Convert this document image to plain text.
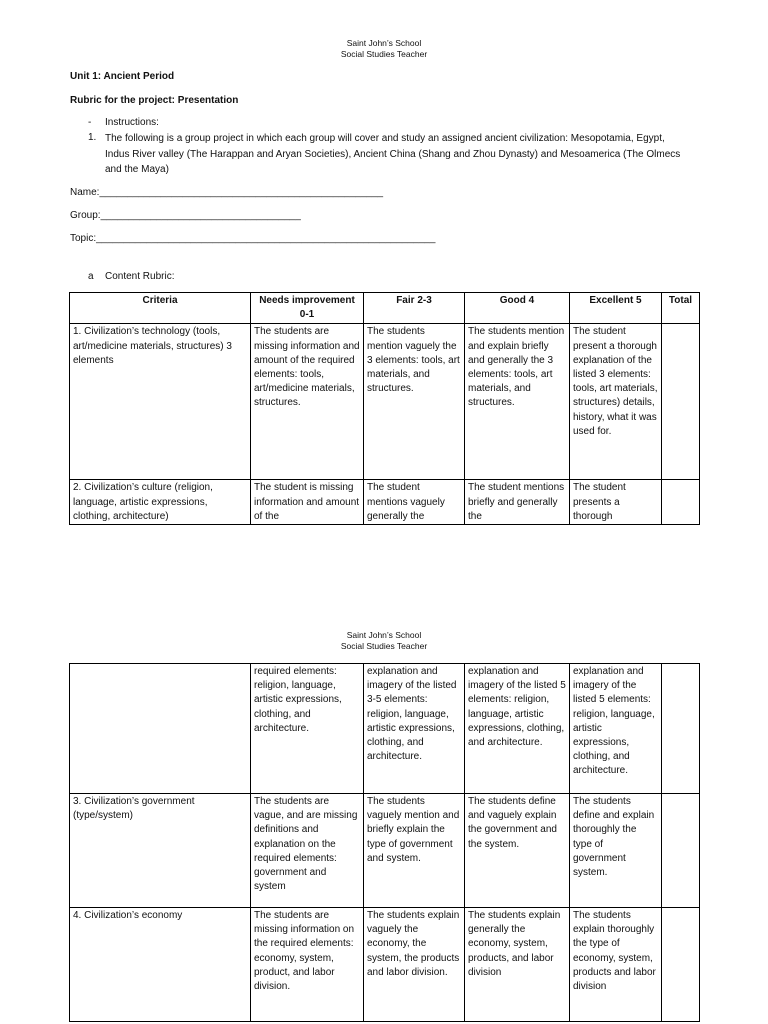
Saint John’s School
Social Studies Teacher
Unit 1: Ancient Period
Rubric for the project: Presentation
- Instructions:
1. The following is a group project in which each group will cover and study an assigned ancient civilization: Mesopotamia, Egypt, Indus River valley (The Harappan and Aryan Societies), Ancient China (Shang and Zhou Dynasty) and Mesoamerica (The Olmecs and the Maya)
Name:___________________________________________________
Group:____________________________________
Topic:_____________________________________________________________
a Content Rubric:
Criteria	Needs improvement 0-1	Fair 2-3	Good 4	Excellent 5	Total
1. Civilization’s technology (tools, art/medicine materials, structures) 3 elements	The students are missing information and amount of the required elements: tools, art/medicine materials, structures.	The students mention vaguely the 3 elements: tools, art materials, and structures.	The students mention and explain briefly and generally the 3 elements: tools, art materials, and structures.	The student present a thorough explanation of the listed 3 elements: tools, art materials, structures) details, history, what it was used for.	

2. Civilization’s culture (religion, language, artistic expressions, clothing, architecture)	The student is missing information and amount of the	The student mentions vaguely generally the	The student mentions briefly and generally the	The student presents a thorough	

Saint John’s School
Social Studies Teacher
	required elements: religion, language, artistic expressions, clothing, and architecture.	explanation and imagery of the listed 3-5 elements: religion, language, artistic expressions, clothing, and architecture.	explanation and imagery of the listed 5 elements: religion, language, artistic expressions, clothing, and architecture.	explanation and imagery of the listed 5 elements: religion, language, artistic expressions, clothing, and architecture.	
3. Civilization’s government (type/system)	The students are vague, and are missing definitions and explanation on the required elements: government and system	The students vaguely mention and briefly explain the type of government and system.	The students define and vaguely explain the government and the system.	The students define and explain thoroughly the type of government system.	
4. Civilization’s economy	The students are missing information on the required elements: economy, system, product, and labor division.	The students explain vaguely the economy, the system, the products and labor division.	The students explain generally the economy, system, products, and labor division	The students explain thoroughly the type of economy, system, products and labor division	
